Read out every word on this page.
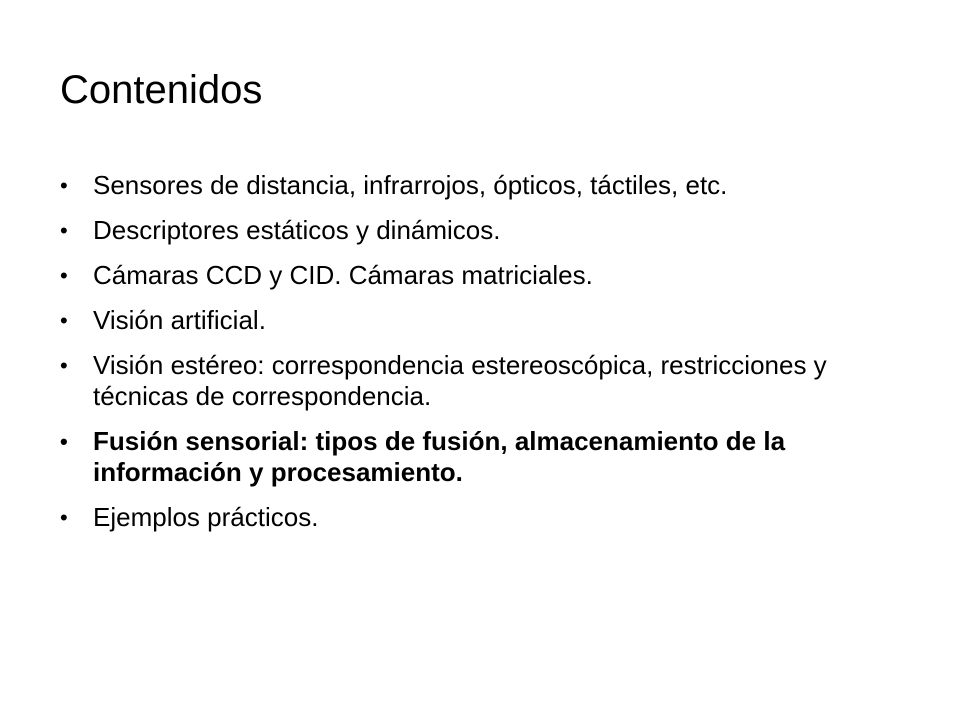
Contenidos
• Sensores de distancia, infrarrojos, ópticos, táctiles, etc.
• Descriptores estáticos y dinámicos.
• Cámaras CCD y CID. Cámaras matriciales.
• Visión artificial.
• Visión estéreo: correspondencia estereoscópica, restricciones y técnicas de correspondencia.
• Fusión sensorial: tipos de fusión, almacenamiento de la información y procesamiento.
• Ejemplos prácticos.
